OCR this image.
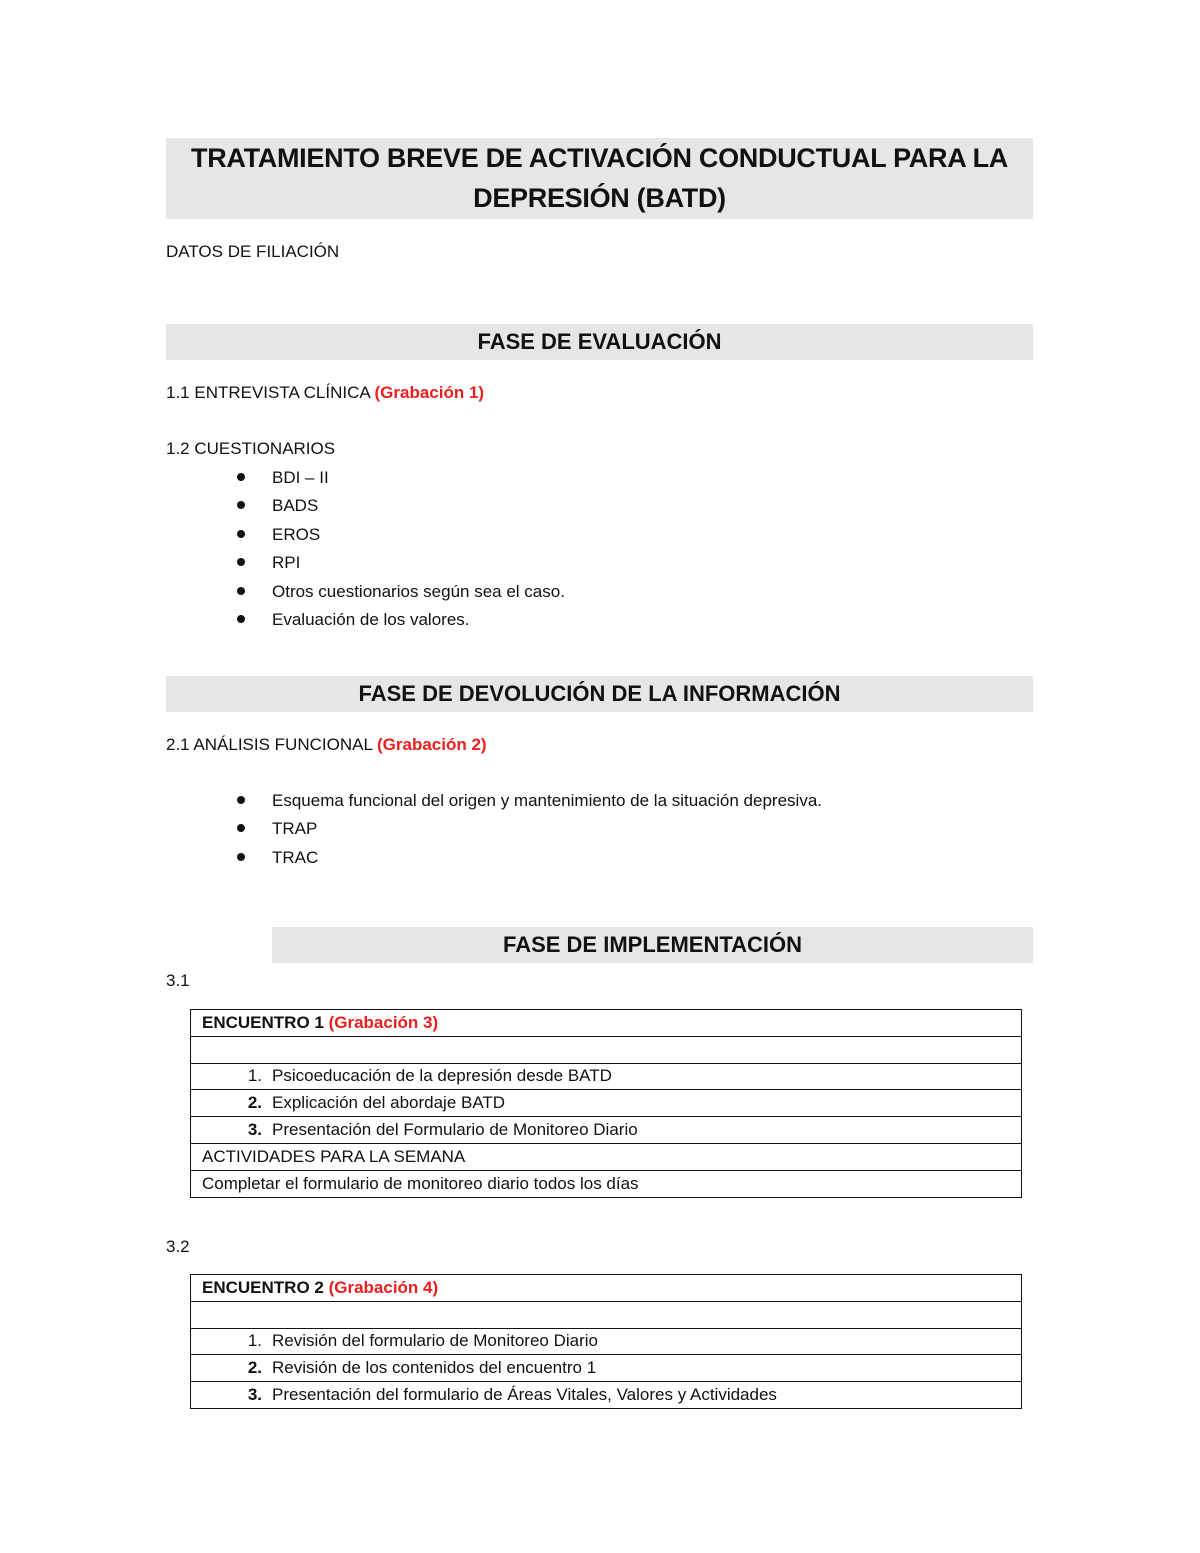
TRATAMIENTO BREVE DE ACTIVACIÓN CONDUCTUAL PARA LA
DEPRESIÓN (BATD)
DATOS DE FILIACIÓN
FASE DE EVALUACIÓN
1.1 ENTREVISTA CLÍNICA (Grabación 1)
1.2 CUESTIONARIOS
BDI – II
BADS
EROS
RPI
Otros cuestionarios según sea el caso.
Evaluación de los valores.
FASE DE DEVOLUCIÓN DE LA INFORMACIÓN
2.1 ANÁLISIS FUNCIONAL (Grabación 2)
Esquema funcional del origen y mantenimiento de la situación depresiva.
TRAP
TRAC
FASE DE IMPLEMENTACIÓN
3.1
ENCUENTRO 1 (Grabación 3)

1. Psicoeducación de la depresión desde BATD
2. Explicación del abordaje BATD
3. Presentación del Formulario de Monitoreo Diario
ACTIVIDADES PARA LA SEMANA
Completar el formulario de monitoreo diario todos los días
3.2
ENCUENTRO 2 (Grabación 4)

1. Revisión del formulario de Monitoreo Diario
2. Revisión de los contenidos del encuentro 1
3. Presentación del formulario de Áreas Vitales, Valores y Actividades
